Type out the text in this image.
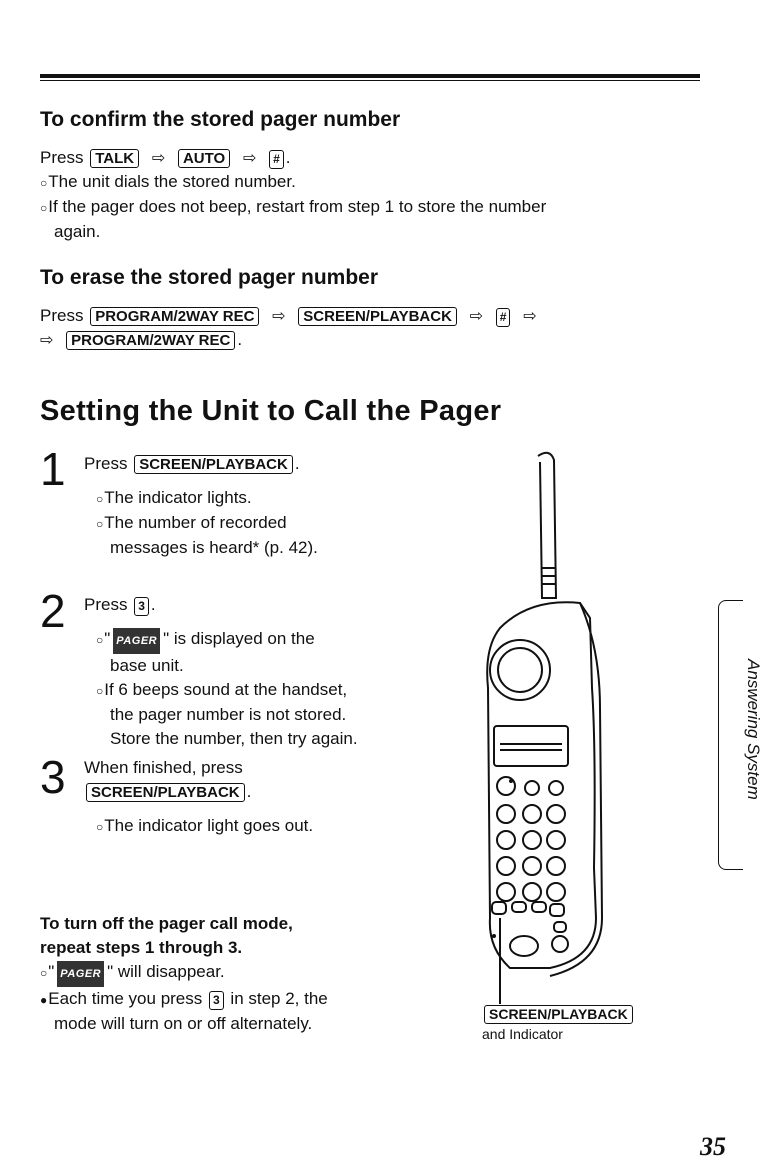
To confirm the stored pager number
Press TALK ⇨ AUTO ⇨ # .
○The unit dials the stored number.
○If the pager does not beep, restart from step 1 to store the number
again.
To erase the stored pager number
Press PROGRAM/2WAY REC ⇨ SCREEN/PLAYBACK ⇨ # ⇨
⇨ PROGRAM/2WAY REC .
Setting the Unit to Call the Pager
1 Press SCREEN/PLAYBACK .
○The indicator lights.
○The number of recorded
messages is heard* (p. 42).
2 Press 3 .
○" PAGER " is displayed on the
base unit.
○If 6 beeps sound at the handset,
the pager number is not stored.
Store the number, then try again.
3 When finished, press
SCREEN/PLAYBACK .
○The indicator light goes out.
To turn off the pager call mode,
repeat steps 1 through 3.
○" PAGER " will disappear.
●Each time you press 3 in step 2, the
mode will turn on or off alternately.	SCREEN/PLAYBACK
and Indicator
Answering System
35
